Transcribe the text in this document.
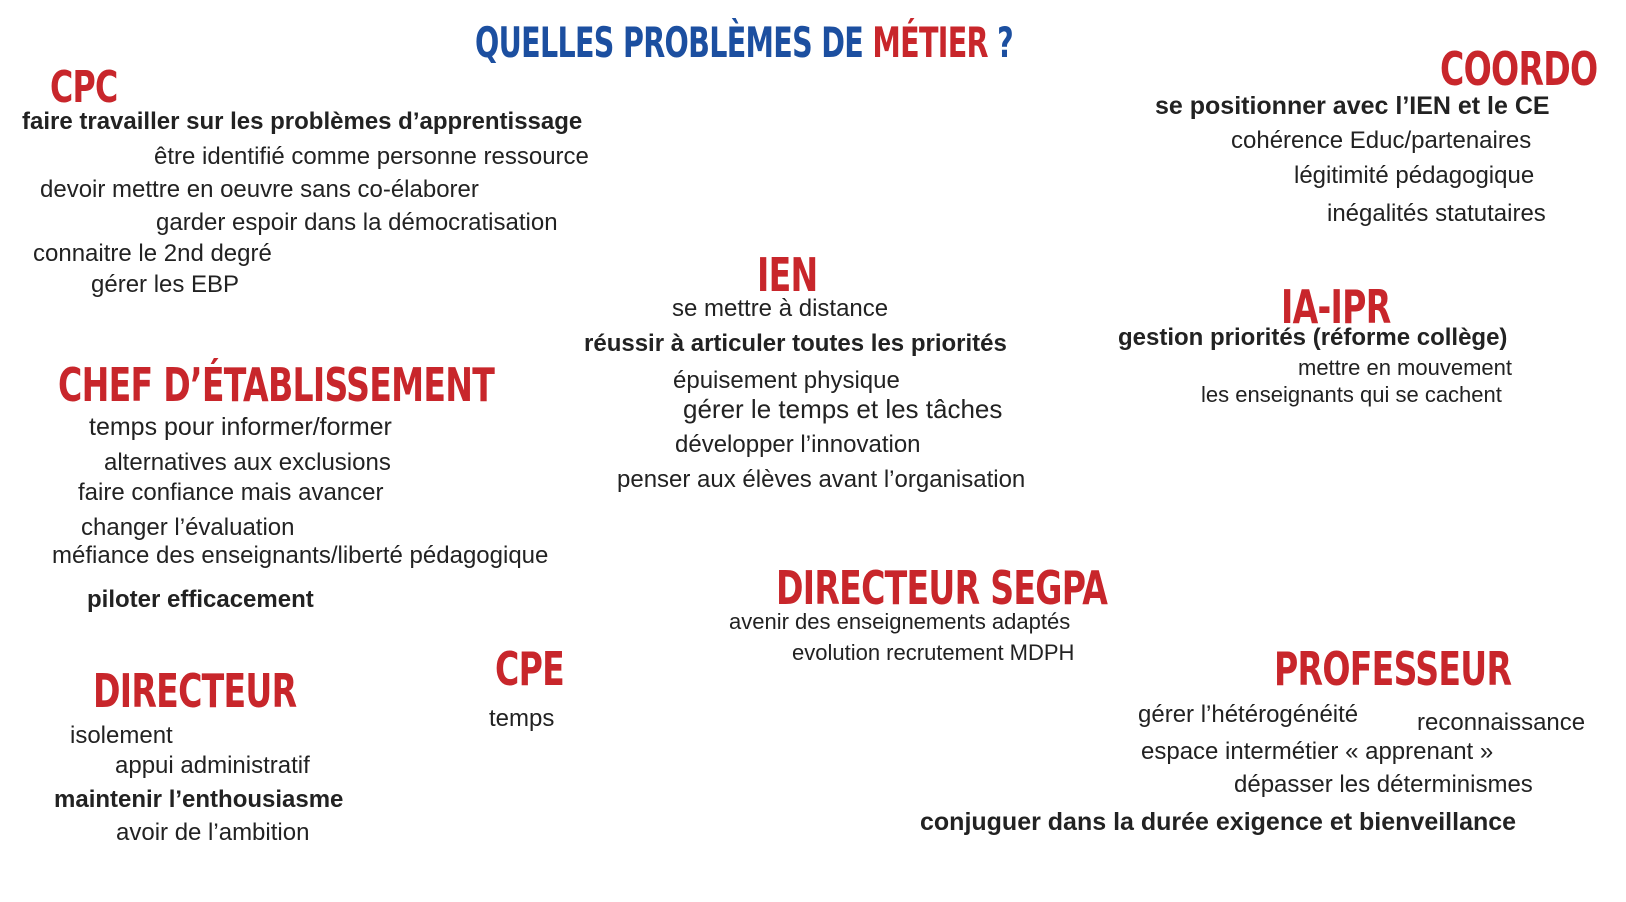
QUELLES PROBLÈMES DE MÉTIER ?
CPC

faire travailler sur les problèmes d’apprentissage

être identifié comme personne ressource

devoir mettre en oeuvre sans co-élaborer

garder espoir dans la démocratisation

connaitre le 2nd degré

gérer les EBP

CHEF D’ÉTABLISSEMENT

temps pour informer/former

alternatives aux exclusions

faire confiance mais avancer

changer l’évaluation

méfiance des enseignants/liberté pédagogique

piloter efficacement

DIRECTEUR

isolement

appui administratif

maintenir l’enthousiasme

avoir de l’ambition

CPE

temps

IEN

se mettre à distance

réussir à articuler toutes les priorités

épuisement physique

gérer le temps et les tâches

développer l’innovation

penser aux élèves avant l’organisation

DIRECTEUR SEGPA

avenir des enseignements adaptés

evolution recrutement MDPH

COORDO

se positionner avec l’IEN et le CE

cohérence Educ/partenaires

légitimité pédagogique

inégalités statutaires

IA-IPR

gestion priorités (réforme collège)

mettre en mouvement

les enseignants qui se cachent

PROFESSEUR

gérer l’hétérogénéité reconnaissance

espace intermétier « apprenant »

dépasser les déterminismes

conjuguer dans la durée exigence et bienveillance
